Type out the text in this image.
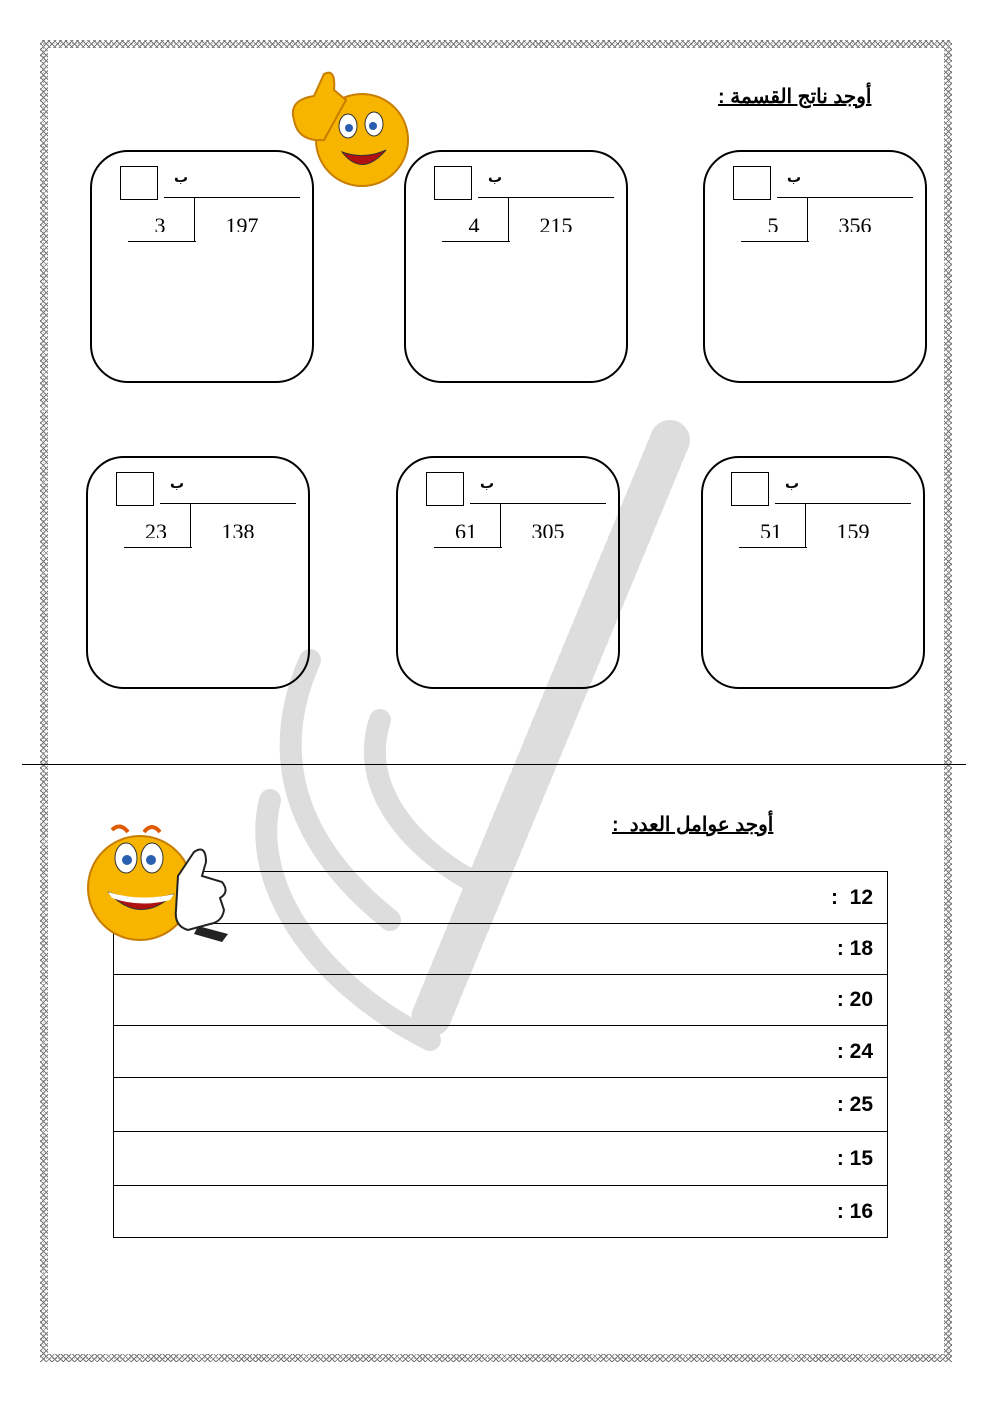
أوجد ناتج القسمة :
ب
5	356
ب
4	215
ب
3	197
ب
51	159
ب
61	305
ب
23	138
أوجد عوامل العدد  :
12  :
18 :
20 :
24 :
25 :
15 :
16 :
